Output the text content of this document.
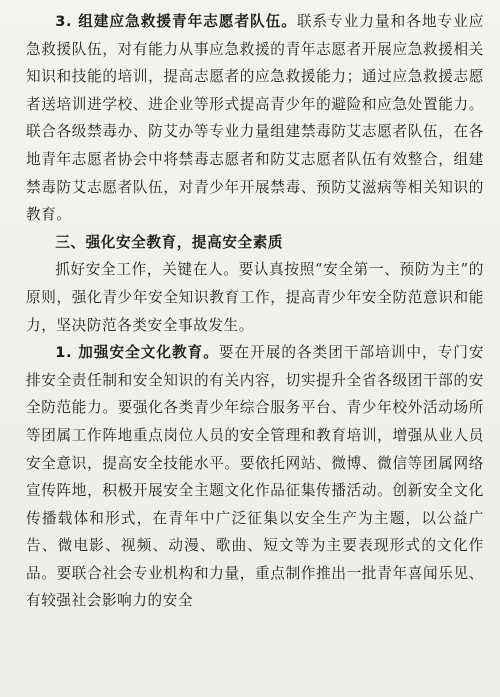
3. 组建应急救援青年志愿者队伍。联系专业力量和各地专业应急救援队伍，对有能力从事应急救援的青年志愿者开展应急救援相关知识和技能的培训，提高志愿者的应急救援能力；通过应急救援志愿者送培训进学校、进企业等形式提高青少年的避险和应急处置能力。联合各级禁毒办、防艾办等专业力量组建禁毒防艾志愿者队伍，在各地青年志愿者协会中将禁毒志愿者和防艾志愿者队伍有效整合，组建禁毒防艾志愿者队伍，对青少年开展禁毒、预防艾滋病等相关知识的教育。

三、强化安全教育，提高安全素质

抓好安全工作，关键在人。要认真按照“安全第一、预防为主”的原则，强化青少年安全知识教育工作，提高青少年安全防范意识和能力，坚决防范各类安全事故发生。

1. 加强安全文化教育。要在开展的各类团干部培训中，专门安排安全责任制和安全知识的有关内容，切实提升全省各级团干部的安全防范能力。要强化各类青少年综合服务平台、青少年校外活动场所等团属工作阵地重点岗位人员的安全管理和教育培训，增强从业人员安全意识，提高安全技能水平。要依托网站、微博、微信等团属网络宣传阵地，积极开展安全主题文化作品征集传播活动。创新安全文化传播载体和形式，在青年中广泛征集以安全生产为主题，以公益广告、微电影、视频、动漫、歌曲、短文等为主要表现形式的文化作品。要联合社会专业机构和力量，重点制作推出一批青年喜闻乐见、有较强社会影响力的安全
